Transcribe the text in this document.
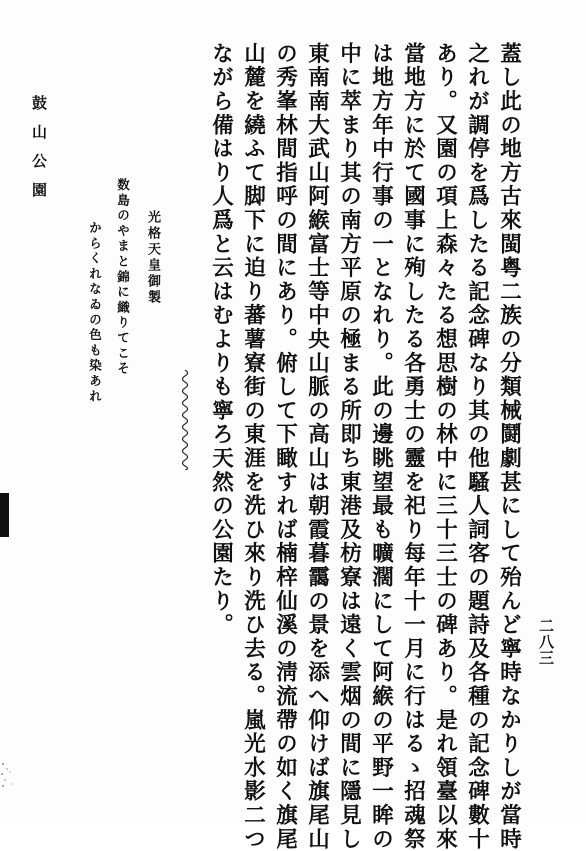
鼓山公園
光格天皇御製
数島のやまと錦に織りてこそ
からくれなゐの色も染あれ	蓋し此の地方古來閩粤二族の分類械鬪劇甚にして殆んど寧時なかりしが當時
之れが調停を爲したる記念碑なり其の他騷人詞客の題詩及各種の記念碑數十
あり。又園の項上森々たる想思樹の林中に三十三士の碑あり。是れ領臺以來
當地方に於て國事に殉したる各勇士の靈を祀り每年十一月に行はるゝ招魂祭
は地方年中行事の一となれり。此の邊眺望最も曠濶にして阿緱の平野一眸の
中に萃まり其の南方平原の極まる所即ち東港及枋寮は遠く雲烟の間に隱見し
東南南大武山阿緱富士等中央山脈の高山は朝霞暮靄の景を添へ仰けば旗尾山
の秀峯林間指呼の間にあり。俯して下瞰すれば楠梓仙溪の淸流帶の如く旗尾
山麓を繞ふて脚下に迫り蕃薯寮街の東涯を洗ひ來り洗ひ去る。嵐光水影二つ
ながら備はり人爲と云はむよりも寧ろ天然の公園たり。
二八三
